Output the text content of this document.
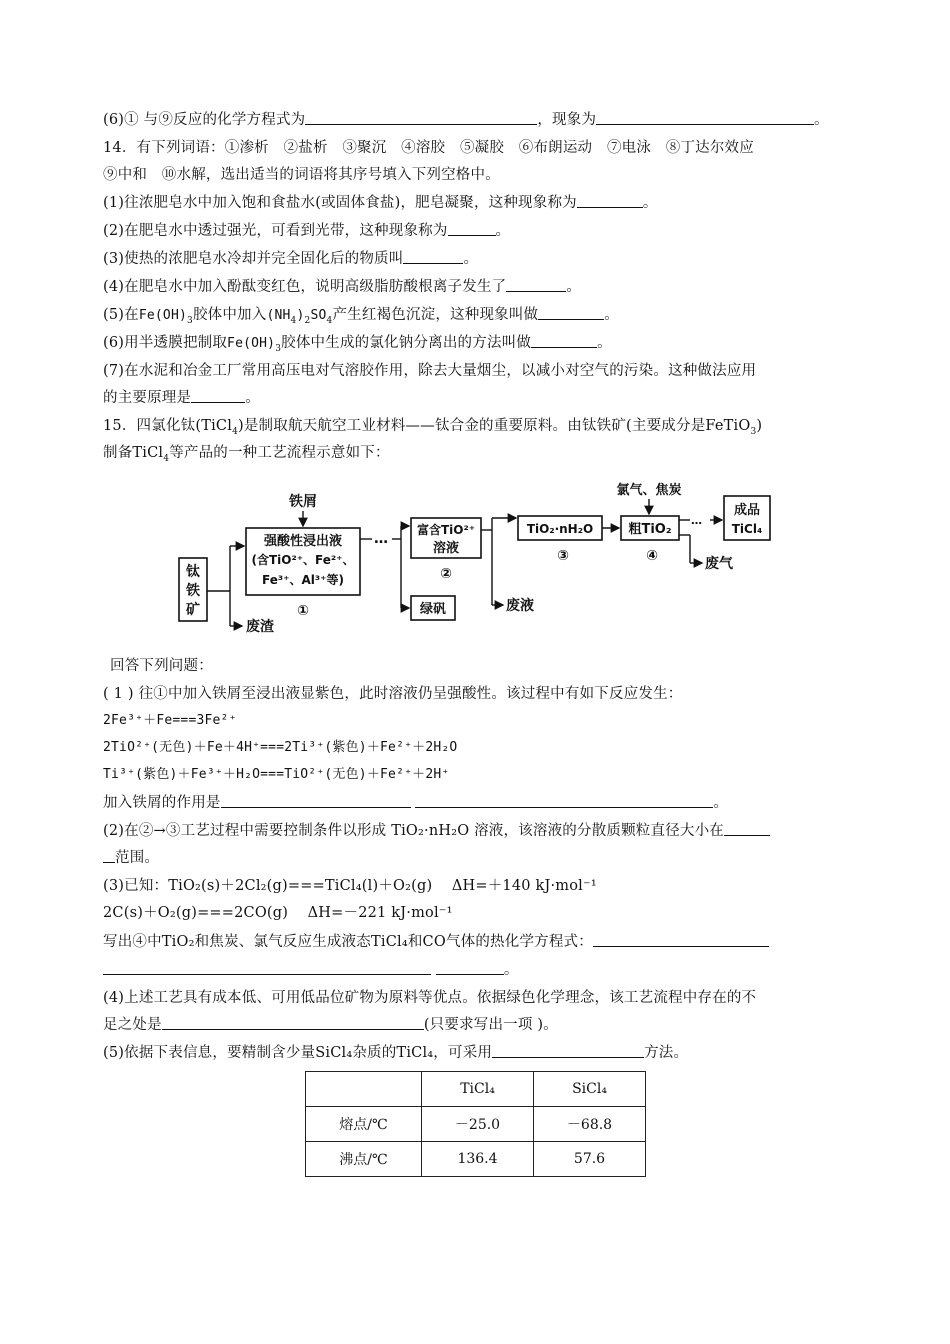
(6)① 与⑨反应的化学方程式为	，现象为	。
14．有下列词语：①渗析　②盐析　③聚沉　④溶胶　⑤凝胶　⑥布朗运动　⑦电泳　⑧丁达尔效应
⑨中和　⑩水解，选出适当的词语将其序号填入下列空格中。
(1)往浓肥皂水中加入饱和食盐水(或固体食盐)，肥皂凝聚，这种现象称为	。
(2)在肥皂水中透过强光，可看到光带，这种现象称为	。
(3)使热的浓肥皂水冷却并完全固化后的物质叫	。
(4)在肥皂水中加入酚酞变红色，说明高级脂肪酸根离子发生了	。
(5)在$Fe(OH)_3$胶体中加入$(NH_4)_2SO_4$产生红褐色沉淀，这种现象叫做	。
(6)用半透膜把制取$Fe(OH)_3$胶体中生成的氯化钠分离出的方法叫做	。
(7)在水泥和冶金工厂常用高压电对气溶胶作用，除去大量烟尘，以减小对空气的污染。这种做法应用
的主要原理是	。
15．四氯化钛(TiCl$_4$)是制取航天航空工业材料——钛合金的重要原料。由钛铁矿(主要成分是FeTiO$_3$)
制备TiCl$_4$等产品的一种工艺流程示意如下：
钛
铁
矿
废渣
铁屑
强酸性浸出液
(含TiO²⁺、Fe²⁺、
Fe³⁺、Al³⁺等)
①
…
富含TiO²⁺
溶液
②
绿矾	废液
TiO₂·nH₂O
③
粗TiO₂
④
氯气、焦炭
废气
…
成品
TiCl₄
回答下列问题：
( 1 ) 往①中加入铁屑至浸出液显紫色，此时溶液仍呈强酸性。该过程中有如下反应发生：
2Fe³⁺＋Fe===3Fe²⁺
2TiO²⁺(无色)＋Fe＋4H⁺===2Ti³⁺(紫色)＋Fe²⁺＋2H₂O
Ti³⁺(紫色)＋Fe³⁺＋H₂O===TiO²⁺(无色)＋Fe²⁺＋2H⁺
加入铁屑的作用是	。
(2)在②→③工艺过程中需要控制条件以形成 TiO₂·nH₂O 溶液，该溶液的分散质颗粒直径大小在
范围。
(3)已知：TiO₂(s)＋2Cl₂(g)===TiCl₄(l)＋O₂(g)　 ΔH=＋140 kJ·mol⁻¹
2C(s)＋O₂(g)===2CO(g)　 ΔH=－221 kJ·mol⁻¹
写出④中TiO₂和焦炭、氯气反应生成液态TiCl₄和CO气体的热化学方程式：
。
(4)上述工艺具有成本低、可用低品位矿物为原料等优点。依据绿色化学理念，该工艺流程中存在的不
足之处是	(只要求写出一项 )。
(5)依据下表信息，要精制含少量SiCl₄杂质的TiCl₄，可采用	方法。
	TiCl₄	SiCl₄
熔点/℃	－25.0	－68.8
沸点/℃	136.4	57.6
